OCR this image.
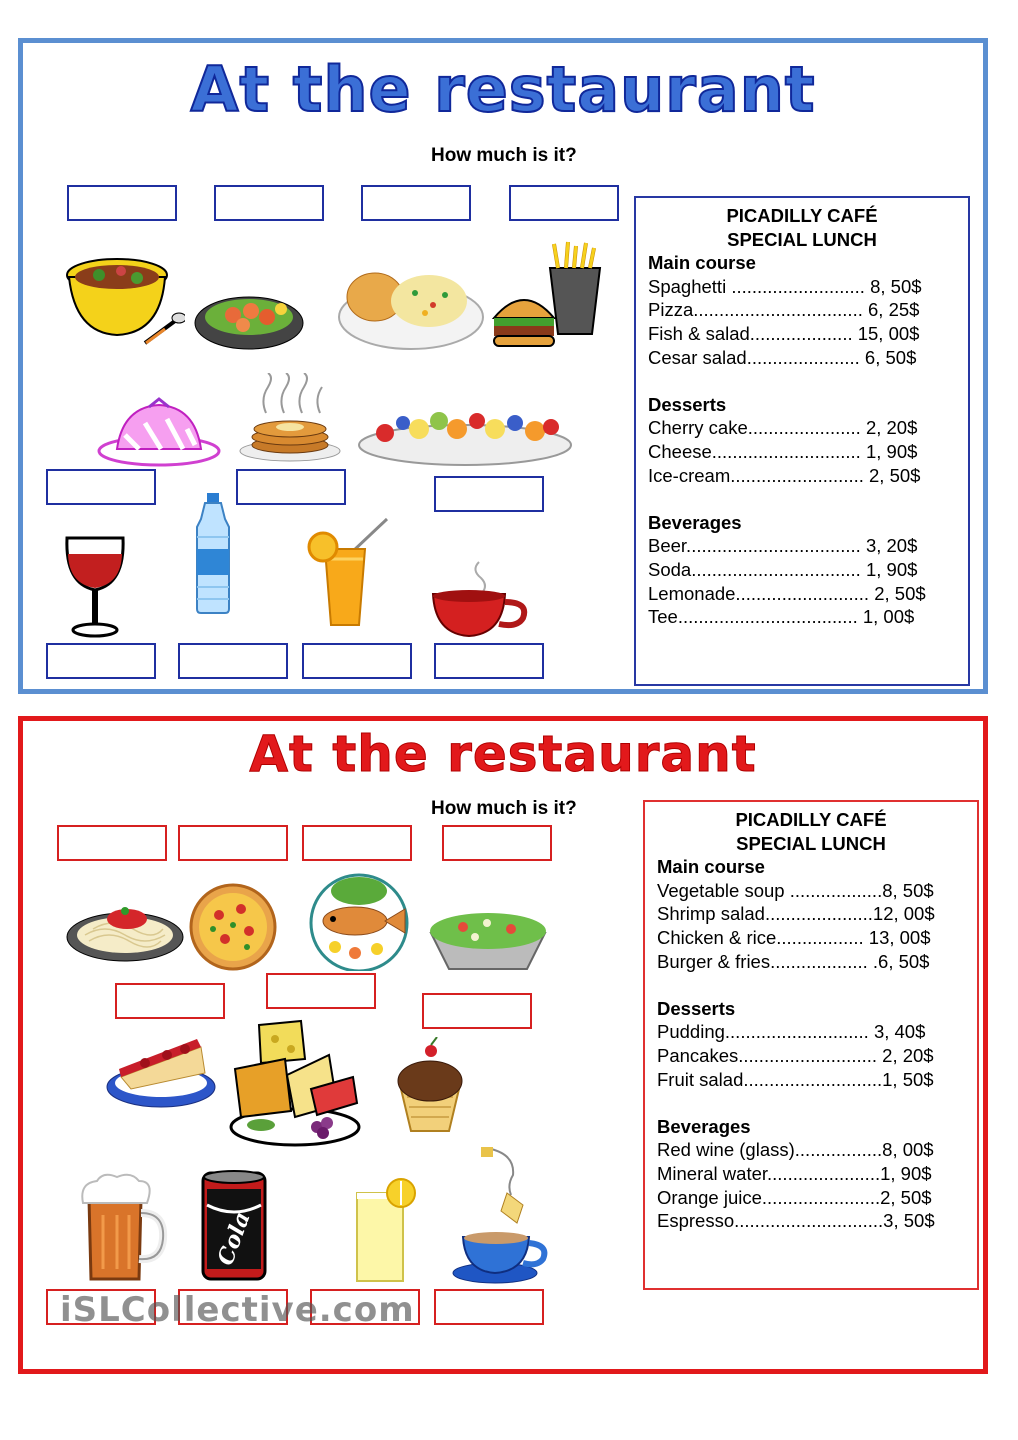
At the restaurant
How much is it?
PICADILLY CAFÉ
SPECIAL LUNCH
Main course
Spaghetti .......................... 8, 50$
Pizza................................. 6, 25$
Fish & salad.................... 15, 00$
Cesar salad...................... 6, 50$
Desserts
Cherry cake...................... 2, 20$
Cheese............................. 1, 90$
Ice-cream.......................... 2, 50$
Beverages
Beer.................................. 3, 20$
Soda................................. 1, 90$
Lemonade.......................... 2, 50$
Tee................................... 1, 00$
At the restaurant
How much is it?
Cola
PICADILLY CAFÉ
SPECIAL LUNCH
Main course
Vegetable soup ..................8, 50$
Shrimp salad.....................12, 00$
Chicken & rice................. 13, 00$
Burger & fries................... .6, 50$
Desserts
Pudding............................ 3, 40$
Pancakes........................... 2, 20$
Fruit salad...........................1, 50$
Beverages
Red wine (glass).................8, 00$
Mineral water......................1, 90$
Orange juice.......................2, 50$
Espresso.............................3, 50$
iSLCollective.com
